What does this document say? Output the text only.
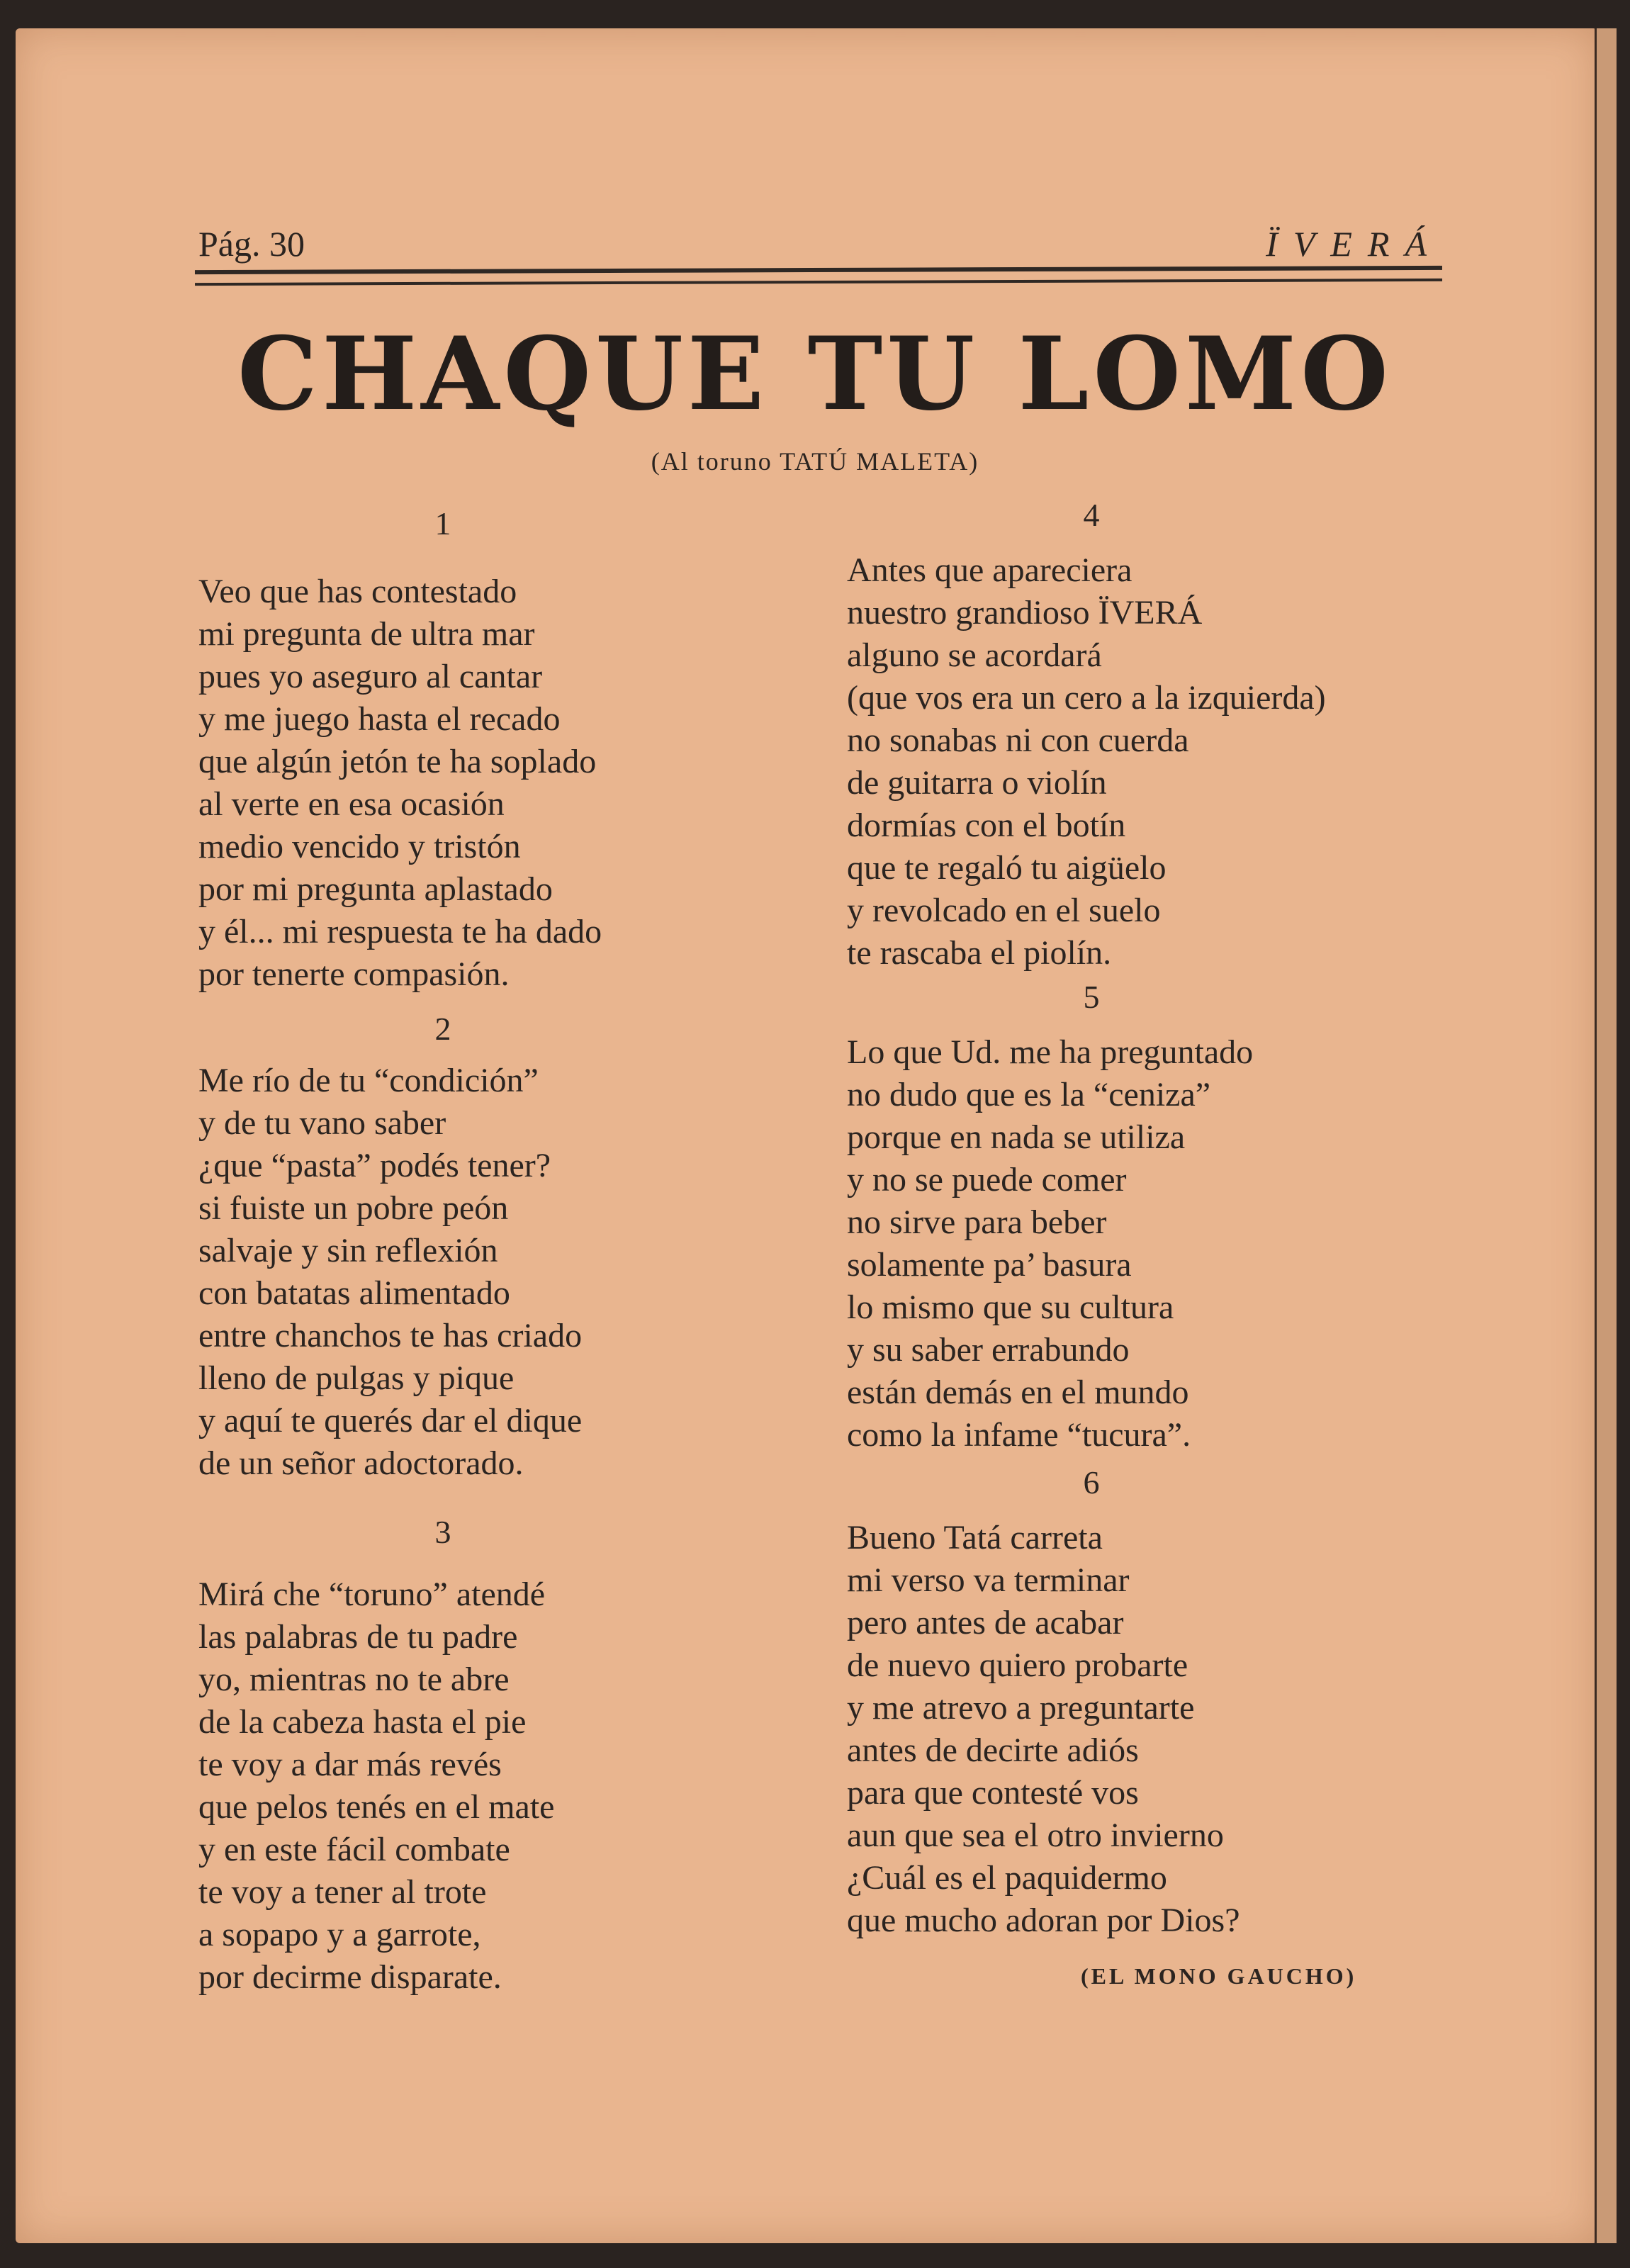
Pág. 30	ÏVERÁ
CHAQUE TU LOMO
(Al toruno TATÚ MALETA)
1
Veo que has contestado
mi pregunta de ultra mar
pues yo aseguro al cantar
y me juego hasta el recado
que algún jetón te ha soplado
al verte en esa ocasión
medio vencido y tristón
por mi pregunta aplastado
y él... mi respuesta te ha dado
por tenerte compasión.
2
Me río de tu “condición”
y de tu vano saber
¿que “pasta” podés tener?
si fuiste un pobre peón
salvaje y sin reflexión
con batatas alimentado
entre chanchos te has criado
lleno de pulgas y pique
y aquí te querés dar el dique
de un señor adoctorado.
3
Mirá che “toruno” atendé
las palabras de tu padre
yo, mientras no te abre
de la cabeza hasta el pie
te voy a dar más revés
que pelos tenés en el mate
y en este fácil combate
te voy a tener al trote
a sopapo y a garrote,
por decirme disparate.
4
Antes que apareciera
nuestro grandioso ÏVERÁ
alguno se acordará
(que vos era un cero a la izquierda)
no sonabas ni con cuerda
de guitarra o violín
dormías con el botín
que te regaló tu aigüelo
y revolcado en el suelo
te rascaba el piolín.
5
Lo que Ud. me ha preguntado
no dudo que es la “ceniza”
porque en nada se utiliza
y no se puede comer
no sirve para beber
solamente pa’ basura
lo mismo que su cultura
y su saber errabundo
están demás en el mundo
como la infame “tucura”.
6
Bueno Tatá carreta
mi verso va terminar
pero antes de acabar
de nuevo quiero probarte
y me atrevo a preguntarte
antes de decirte adiós
para que contesté vos
aun que sea el otro invierno
¿Cuál es el paquidermo
que mucho adoran por Dios?
(EL MONO GAUCHO)
